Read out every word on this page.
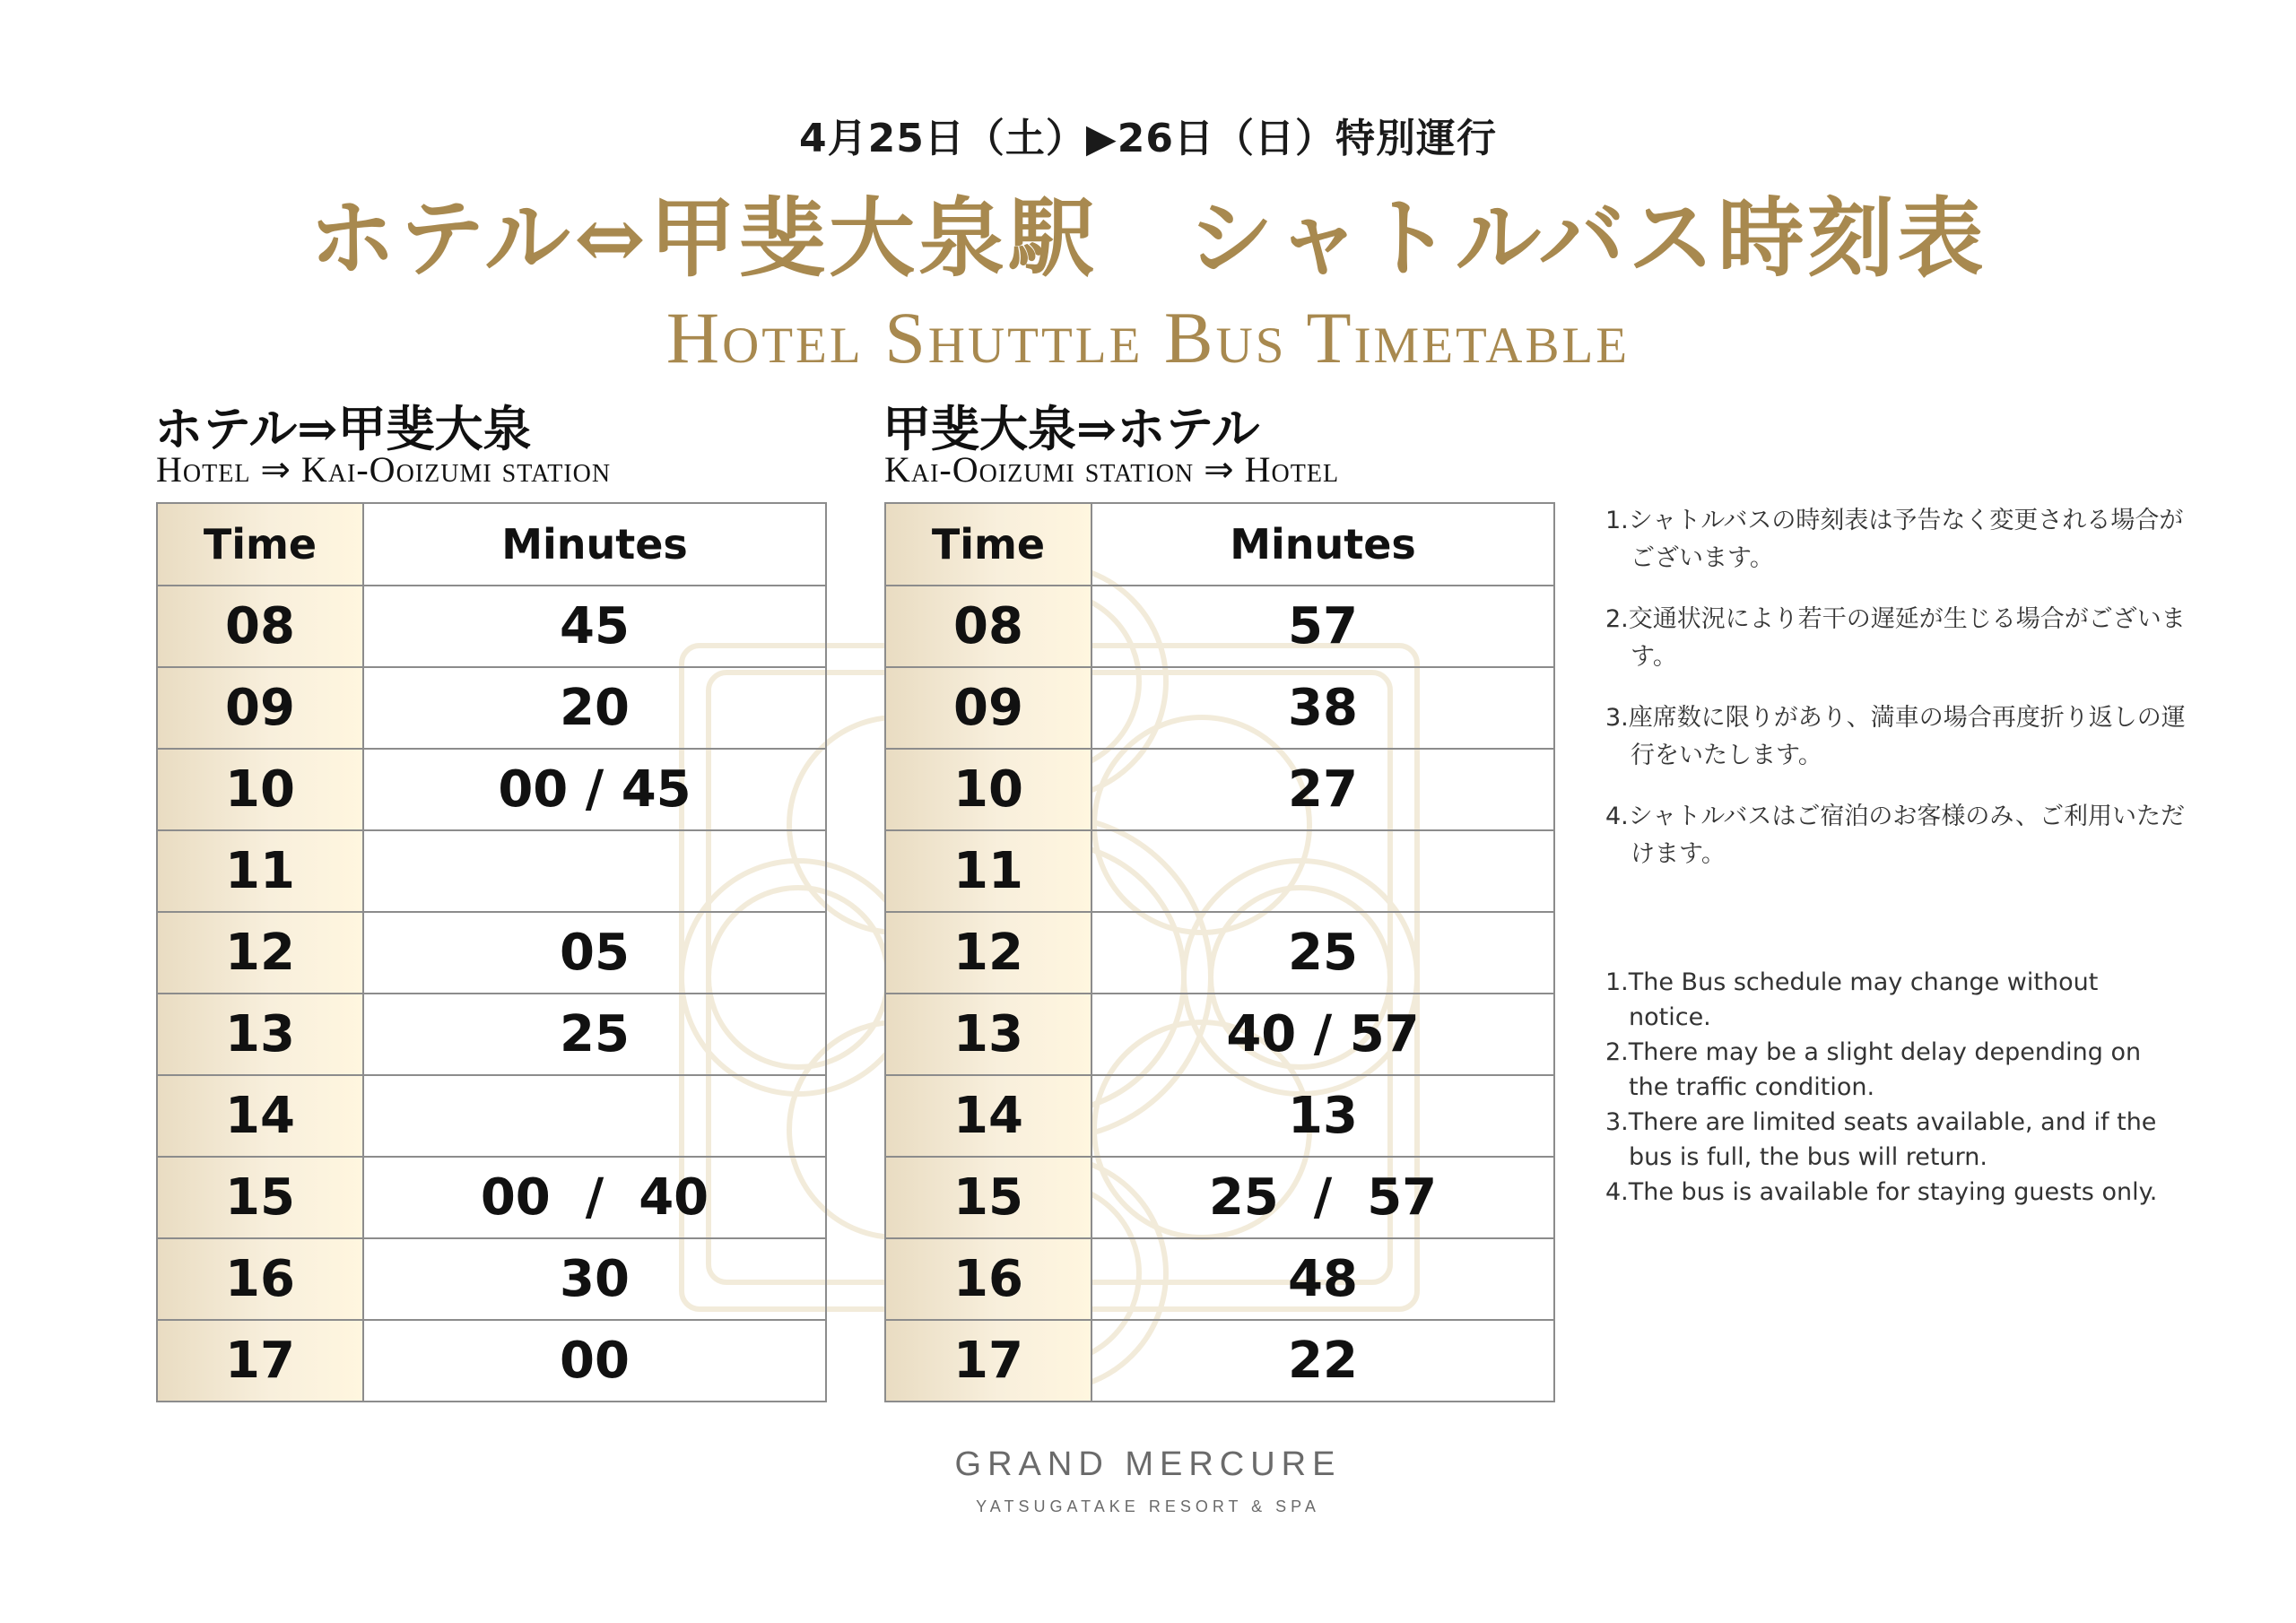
4月25日（土）▶26日（日）特別運行
ホテル⇔甲斐大泉駅　シャトルバス時刻表
Hotel Shuttle Bus Timetable
ホテル⇒甲斐大泉
Hotel ⇒ Kai-Ooizumi station
Time	Minutes
08	45
09	20
10	00 / 45
11	
12	05
13	25
14	
15	00  /  40
16	30
17	00
甲斐大泉⇒ホテル
Kai-Ooizumi station ⇒ Hotel
Time	Minutes
08	57
09	38
10	27
11	
12	25
13	40 / 57
14	13
15	25  /  57
16	48
17	22

1.シャトルバスの時刻表は予告なく変更される場合がございます。

2.交通状況により若干の遅延が生じる場合がございます。

3.座席数に限りがあり、満車の場合再度折り返しの運行をいたします。

4.シャトルバスはご宿泊のお客様のみ、ご利用いただけます。

1.The Bus schedule may change without notice.

2.There may be a slight delay depending on the traffic condition.

3.There are limited seats available, and if the bus is full, the bus will return.

4.The bus is available for staying guests only.

GRAND MERCURE
YATSUGATAKE RESORT & SPA
